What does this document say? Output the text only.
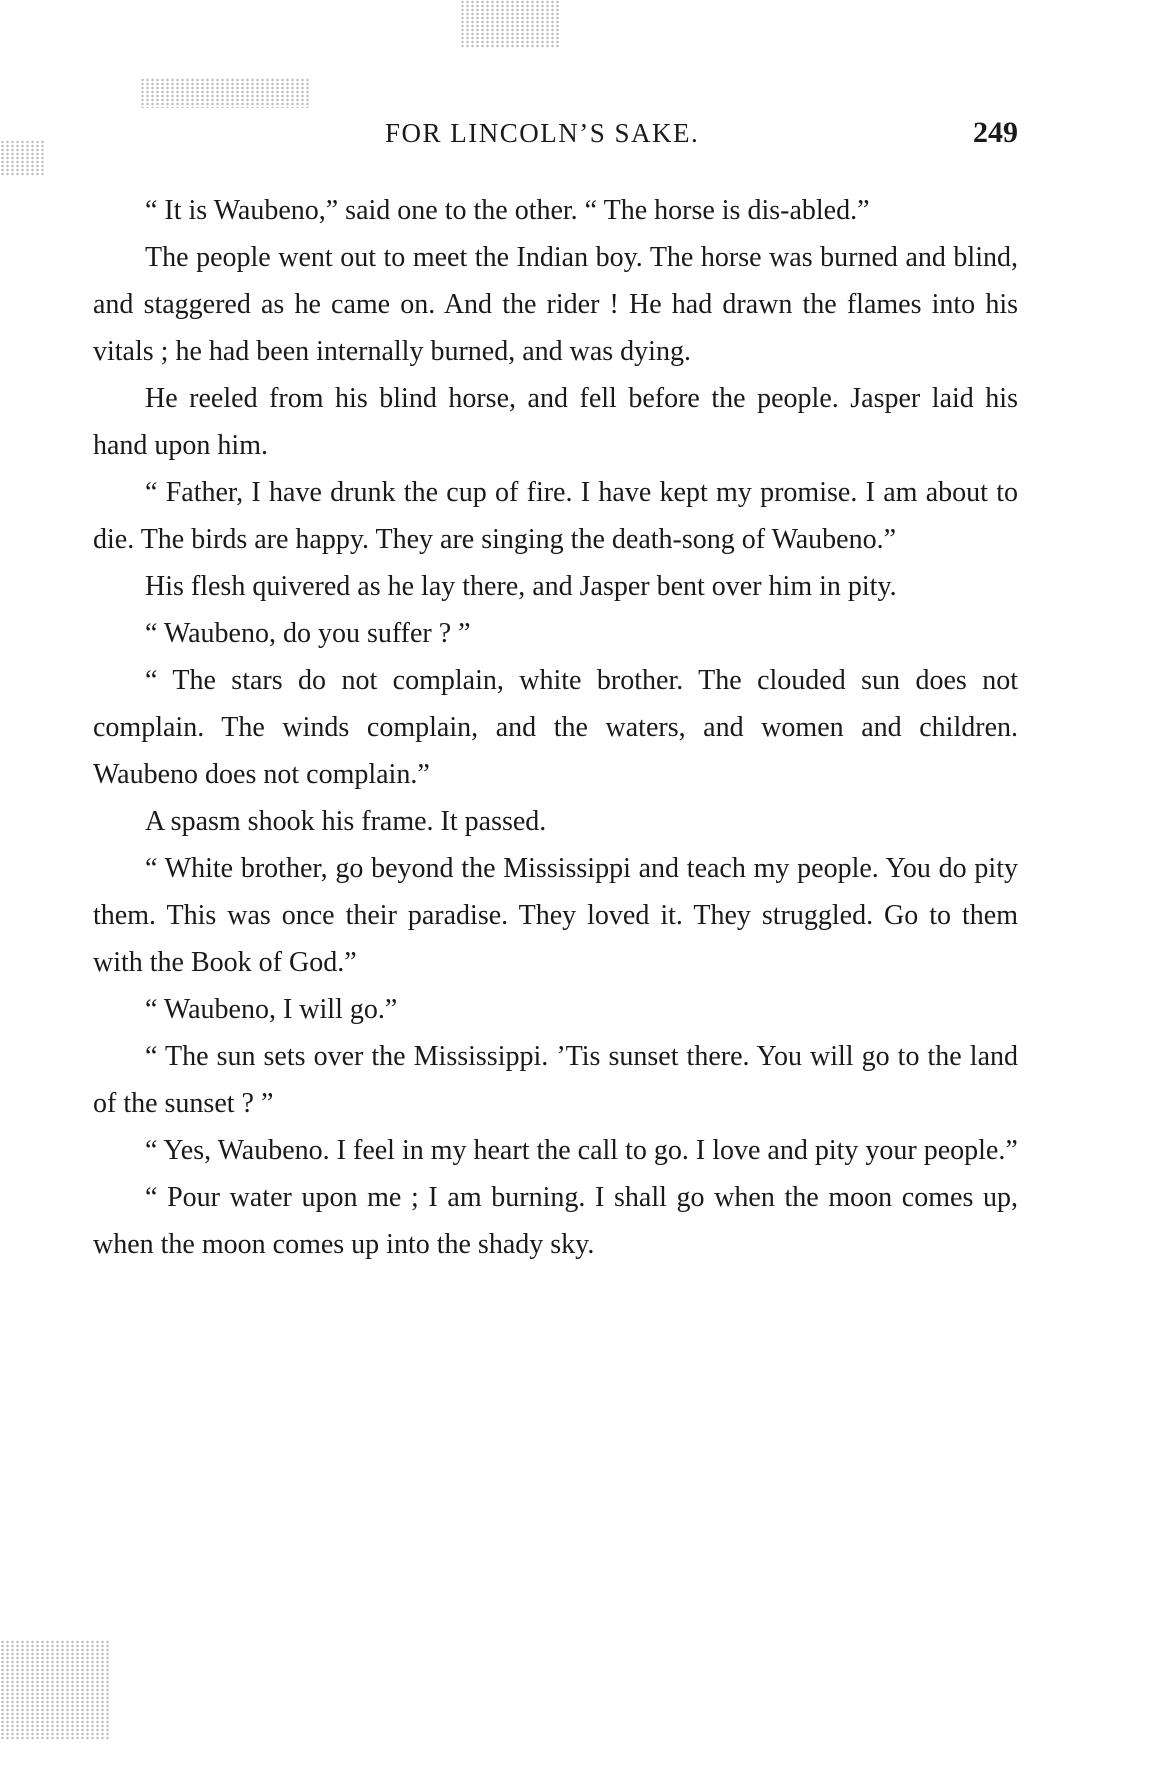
FOR LINCOLN’S SAKE.	249

“ It is Waubeno,” said one to the other. “ The horse is dis-abled.”

The people went out to meet the Indian boy. The horse was burned and blind, and staggered as he came on. And the rider ! He had drawn the flames into his vitals ; he had been internally burned, and was dying.

He reeled from his blind horse, and fell before the people. Jasper laid his hand upon him.

“ Father, I have drunk the cup of fire. I have kept my promise. I am about to die. The birds are happy. They are singing the death-song of Waubeno.”

His flesh quivered as he lay there, and Jasper bent over him in pity.

“ Waubeno, do you suffer ? ”

“ The stars do not complain, white brother. The clouded sun does not complain. The winds complain, and the waters, and women and children. Waubeno does not complain.”

A spasm shook his frame. It passed.

“ White brother, go beyond the Mississippi and teach my people. You do pity them. This was once their paradise. They loved it. They struggled. Go to them with the Book of God.”

“ Waubeno, I will go.”

“ The sun sets over the Mississippi. ’Tis sunset there. You will go to the land of the sunset ? ”

“ Yes, Waubeno. I feel in my heart the call to go. I love and pity your people.”

“ Pour water upon me ; I am burning. I shall go when the moon comes up, when the moon comes up into the shady sky.
